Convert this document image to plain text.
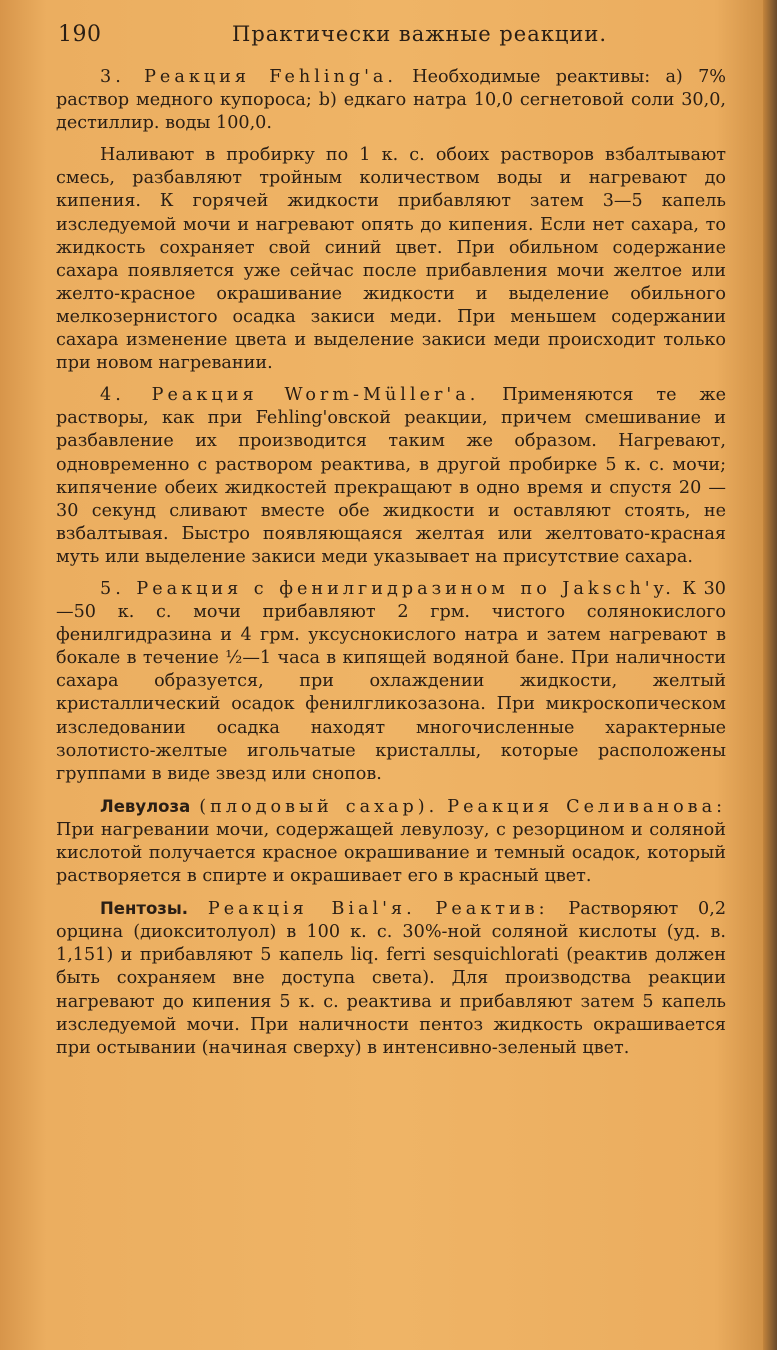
190	Практически важные реакции.

3. Реакция Fehling'a. Необходимые реактивы: a) 7% раствор медного купороса; b) едкаго натра 10,0 сегнетовой соли 30,0, дестиллир. воды 100,0.

Наливают в пробирку по 1 к. с. обоих растворов взбалтывают смесь, разбавляют тройным количеством воды и нагревают до кипения. К горячей жидкости прибавляют затем 3—5 капель изследуемой мочи и нагревают опять до кипения. Если нет сахара, то жидкость сохраняет свой синий цвет. При обильном содержание сахара появляется уже сейчас после прибавления мочи желтое или желто-красное окрашивание жидкости и выделение обильного мелкозернистого осадка закиси меди. При меньшем содержании сахара изменение цвета и выделение закиси меди происходит только при новом нагревании.

4. Реакция Worm-Müller'a. Применяются те же растворы, как при Fehling'овской реакции, причем смешивание и разбавление их производится таким же образом. Нагревают, одновременно с раствором реактива, в другой пробирке 5 к. с. мочи; кипячение обеих жидкостей прекращают в одно время и спустя 20 — 30 секунд сливают вместе обе жидкости и оставляют стоять, не взбалтывая. Быстро появляющаяся желтая или желтовато-красная муть или выделение закиси меди указывает на присутствие сахара.

5. Реакция с фенилгидразином по Jaksch'y. К 30—50 к. с. мочи прибавляют 2 грм. чистого солянокислого фенилгидразина и 4 грм. уксуснокислого натра и затем нагревают в бокале в течение ½—1 часа в кипящей водяной бане. При наличности сахара образуется, при охлаждении жидкости, желтый кристаллический осадок фенилгликозазона. При микроскопическом изследовании осадка находят многочисленные характерные золотисто-желтые игольчатые кристаллы, которые расположены группами в виде звезд или снопов.

Левулоза (плодовый сахар). Реакция Селиванова: При нагревании мочи, содержащей левулозу, с резорцином и соляной кислотой получается красное окрашивание и темный осадок, который растворяется в спирте и окрашивает его в красный цвет.

Пентозы. Реакція Bial'я. Реактив: Растворяют 0,2 орцина (диокситолуол) в 100 к. с. 30%-ной соляной кислоты (уд. в. 1,151) и прибавляют 5 капель liq. ferri sesquichlorati (реактив должен быть сохраняем вне доступа света). Для производства реакции нагревают до кипения 5 к. с. реактива и прибавляют затем 5 капель изследуемой мочи. При наличности пентоз жидкость окрашивается при остывании (начиная сверху) в интенсивно-зеленый цвет.
